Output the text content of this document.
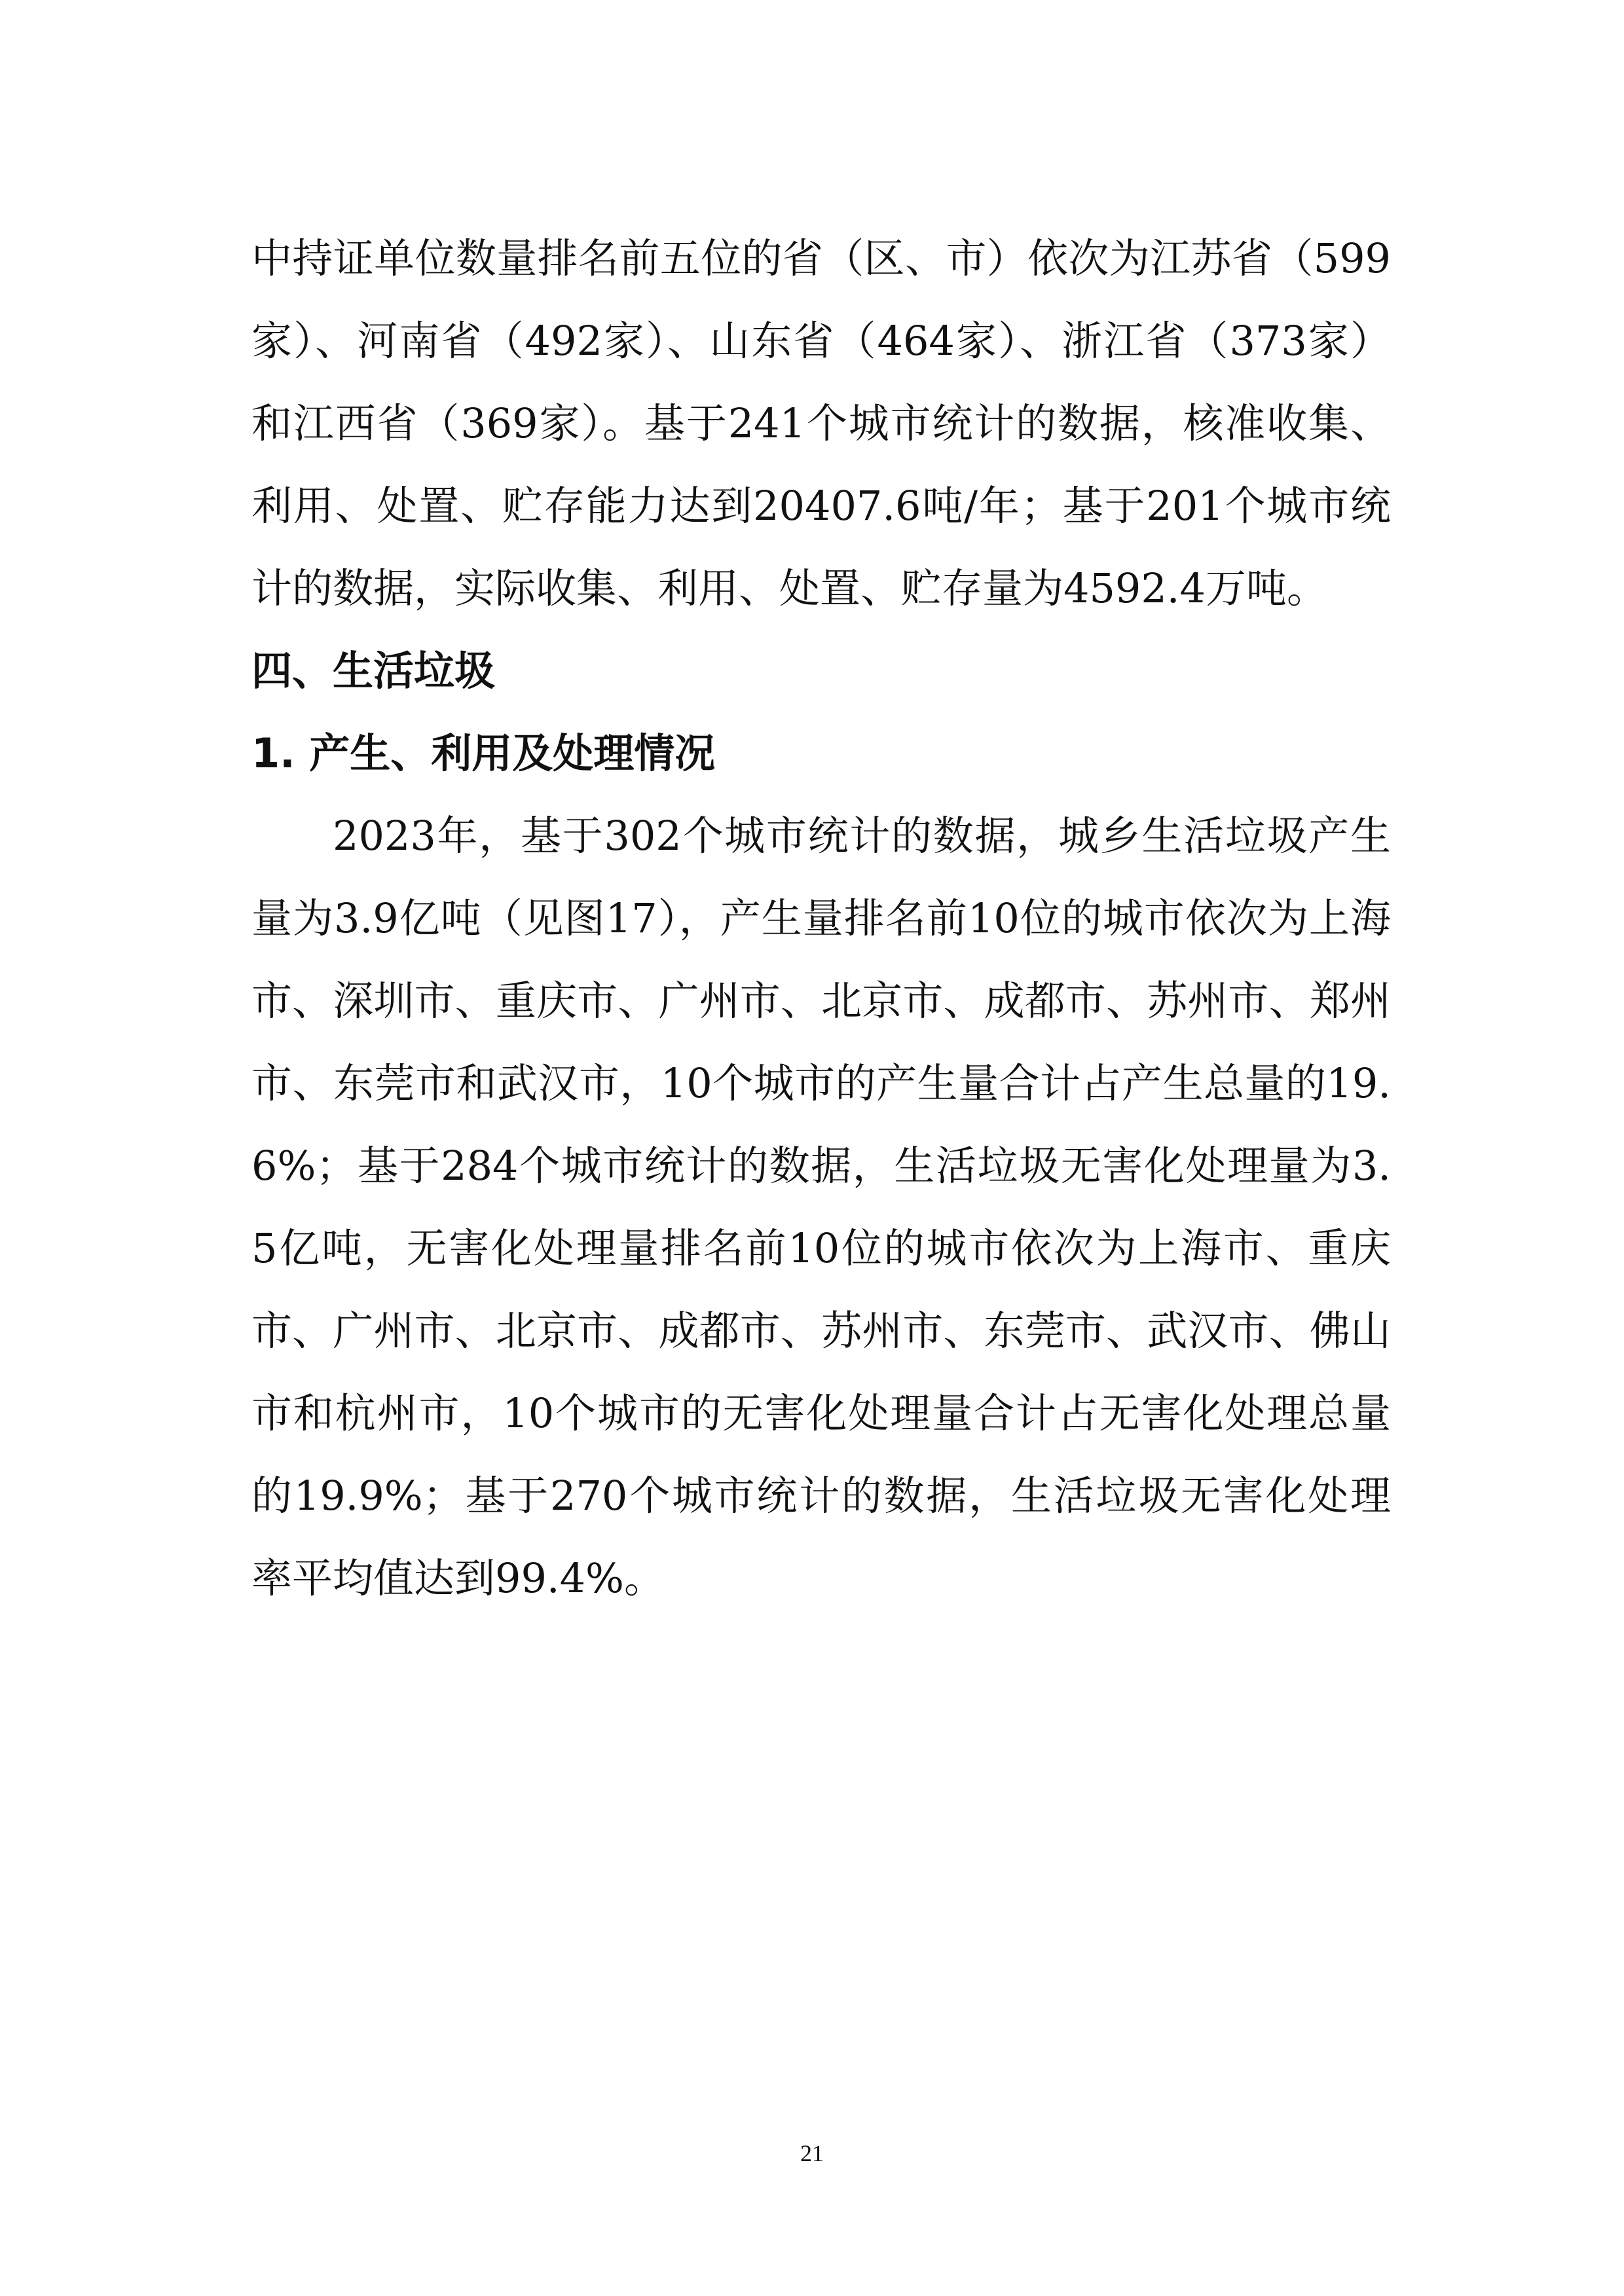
中持证单位数量排名前五位的省（区、市）依次为江苏省（599家）、河南省（492家）、山东省（464家）、浙江省（373家）和江西省（369家）。基于241个城市统计的数据，核准收集、利用、处置、贮存能力达到20407.6吨/年；基于201个城市统计的数据，实际收集、利用、处置、贮存量为4592.4万吨。

四、生活垃圾
1. 产生、利用及处理情况

2023年，基于302个城市统计的数据，城乡生活垃圾产生量为3.9亿吨（见图17），产生量排名前10位的城市依次为上海市、深圳市、重庆市、广州市、北京市、成都市、苏州市、郑州市、东莞市和武汉市，10个城市的产生量合计占产生总量的19.6%；基于284个城市统计的数据，生活垃圾无害化处理量为3.5亿吨，无害化处理量排名前10位的城市依次为上海市、重庆市、广州市、北京市、成都市、苏州市、东莞市、武汉市、佛山市和杭州市，10个城市的无害化处理量合计占无害化处理总量的19.9%；基于270个城市统计的数据，生活垃圾无害化处理率平均值达到99.4%。

21
